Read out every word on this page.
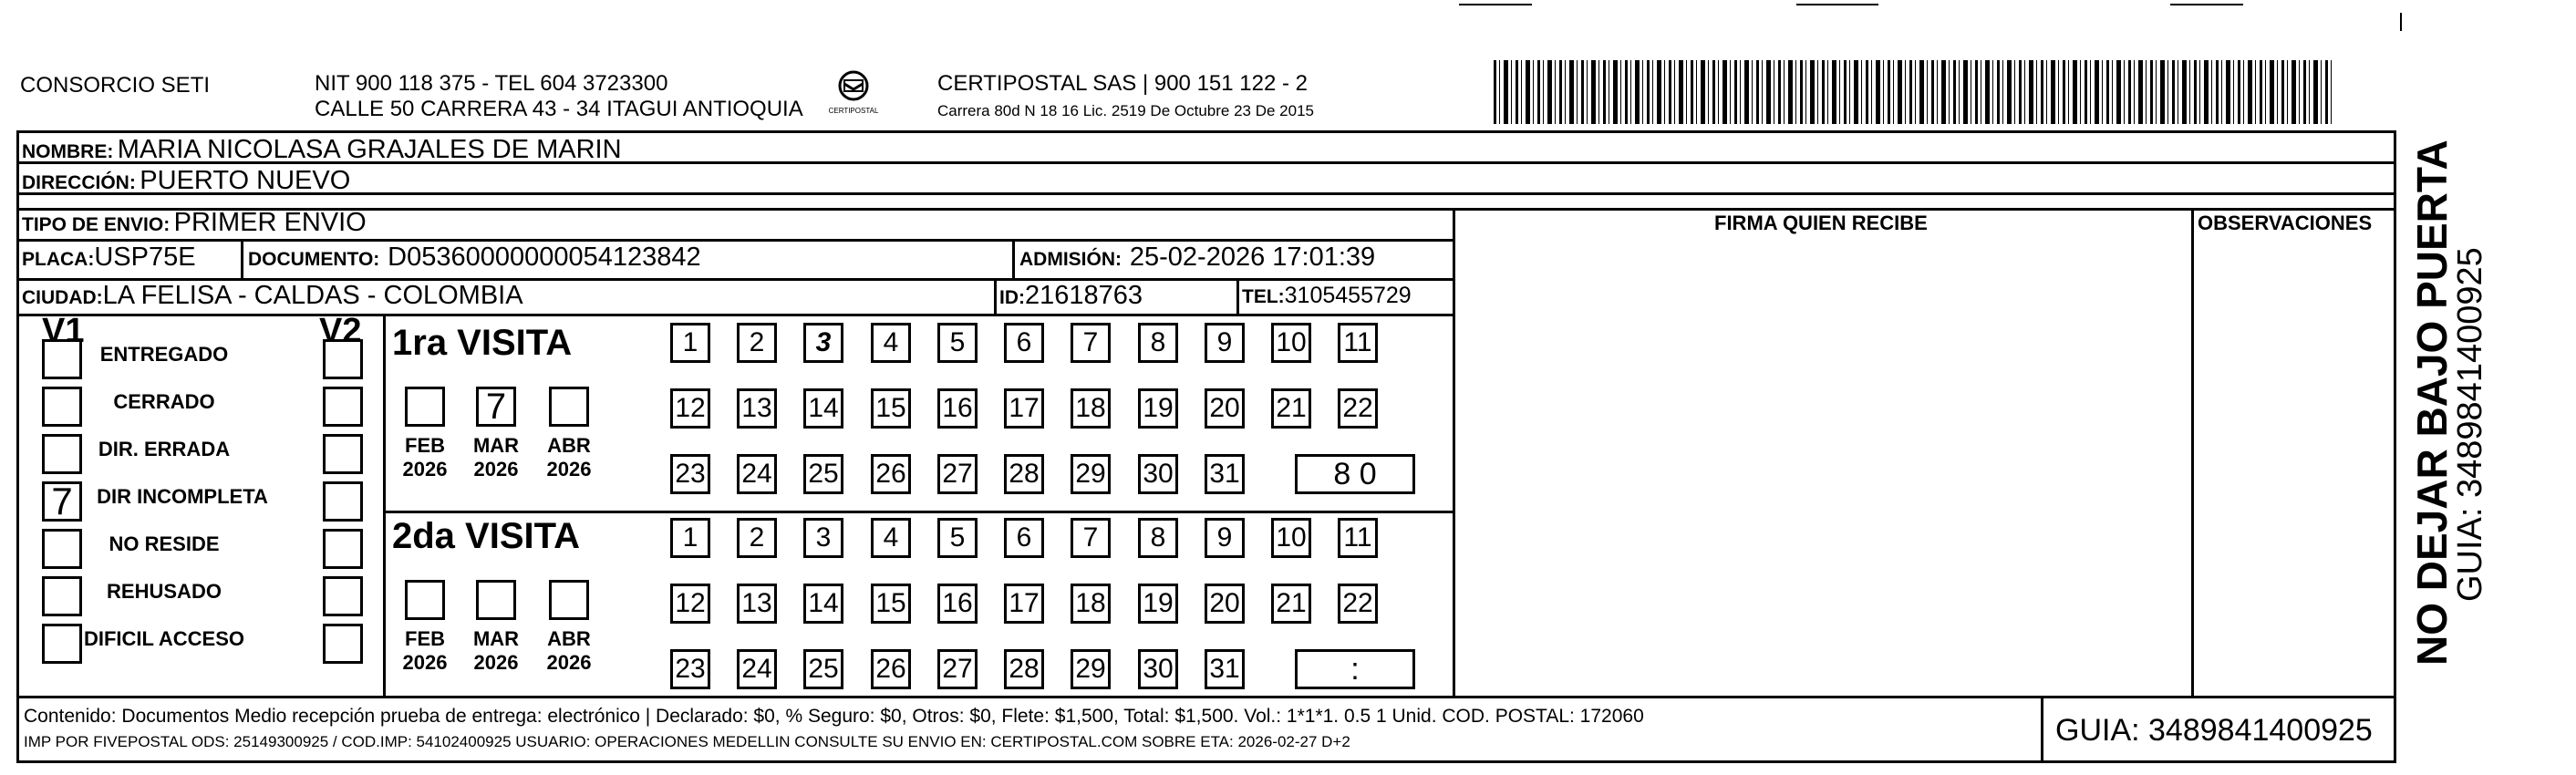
CONSORCIO SETI	NIT 900 118 375 - TEL 604 3723300
CALLE 50 CARRERA 43 - 34 ITAGUI ANTIOQUIA	CERTIPOSTAL
CERTIPOSTAL SAS | 900 151 122 - 2
Carrera 80d N 18 16 Lic. 2519 De Octubre 23 De 2015
NOMBRE: MARIA NICOLASA GRAJALES DE MARIN
DIRECCIÓN: PUERTO NUEVO
TIPO DE ENVIO: PRIMER ENVIO	FIRMA QUIEN RECIBE	OBSERVACIONES
PLACA:USP75E	DOCUMENTO: D05360000000054123842	ADMISIÓN: 25-02-2026 17:01:39
CIUDAD:LA FELISA - CALDAS - COLOMBIA	ID:21618763	TEL:3105455729
V1	V2 1ra VISITA
2da VISITA
Contenido: Documentos Medio recepción prueba de entrega: electrónico | Declarado: $0, % Seguro: $0, Otros: $0, Flete: $1,500, Total: $1,500. Vol.: 1*1*1. 0.5 1 Unid. COD. POSTAL: 172060
IMP POR FIVEPOSTAL ODS: 25149300925 / COD.IMP: 54102400925 USUARIO: OPERACIONES MEDELLIN CONSULTE SU ENVIO EN: CERTIPOSTAL.COM SOBRE ETA: 2026-02-27 D+2	GUIA: 3489841400925
NO DEJAR BAJO PUERTA
GUIA: 3489841400925
ENTREGADO
CERRADO
DIR. ERRADA
7	DIR INCOMPLETA
NO RESIDE
REHUSADO
DIFICIL ACCESO
FEB
2026
7
MAR
2026
ABR
2026
1	2	3	4	5	6	7	8	9	10 11
12 13 14 15 16 17 18 19 20 21 22
23 24 25 26 27 28 29 30 31	8 0
FEB
2026
MAR
2026
ABR
2026
1	2	3	4	5	6	7	8	9	10 11
12 13 14 15 16 17 18 19 20 21 22
23 24 25 26 27 28 29 30 31	:
